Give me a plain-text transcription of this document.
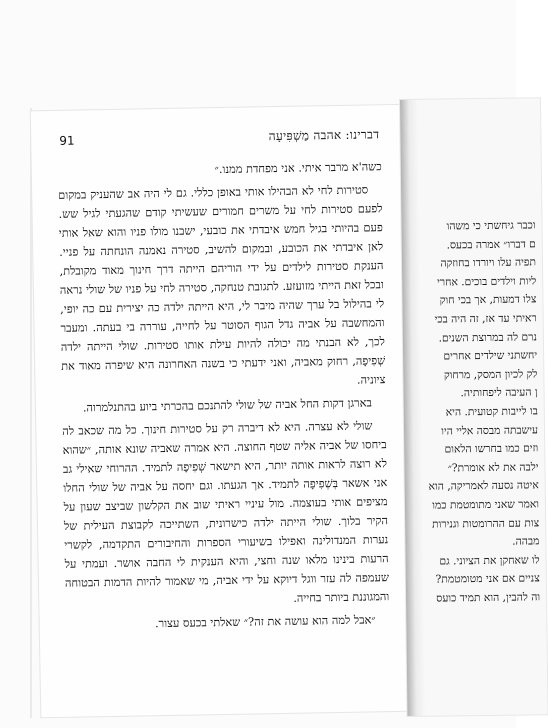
דברינו: אהבה מַשְׁפִּיעָה
91

כשה'א מרבר איתי. אני מפחדת ממנו.״

סטירות לחי לא הבהילו אותי באופן כללי. גם לי היה אב שהעניק במקום לפעם סטירות לחי על משרים חמורים שעשיתי קודם שהגעתי לגיל שש. פעם בהיותי בגיל חמש איבדתי את כובעי, ישבנו מולו פניו והוא שאל אותי לאן איבדתי את הכובע, ובמקום להשיב, סטירה נאמנה הונחתה על פניי. הענקת סטירות לילדים על ידי הוריהם הייתה דרך חינוך מאוד מקובלת, ובכל זאת הייתי מזועזע. לתגובת טנחקה, סטירה לחי על פניו של שולי נראה לי בהילול בל ערך שהיה מיבר לי, היא הייתה ילדה כה יצירית עם כה יופי, והמחשבה על אביה גדל הגוף הסוטר על לחייה, עוררה בי בעתה. ומעבר לכך, לא הבנתי מה יכולה להיות עילת אותו סטירות. שולי הייתה ילדה שְׁפִיפָה, רחוק מאביה, ואני ידעתי כי בשנה האחרונה היא שיפרה מאוד את ציוניה.

בארגן דקות החל אביה של שולי להתנכם בהכרתי ביוע בהתנלמרוה.

שולי לא עצרה. היא לא דיברה רק על סטירות חינוך. כל מה שכאב לה ביחסו של אביה אליה שטף החוצה. היא אמרה שאביה שונא אותה, ״שהוא לא רוצה לראות אותה יותר, היא תישאר שְׁפִיפָה לתמיד. ההרוחי שאילי גב אני אשאר בְּשְׁפִיפָה לתמיד. אך הגעתו. וגם יחסה על אביה של שולי החלו מציפים אותי בעוצמה. מול עיניי ראיתי שוב את הקלשון שביצב שעון על הקיר בלוך. שולי הייתה ילדה כישרונית, השתייכה לקבוצת העילית של נערות המנדולינה ואפילו בשיעורי הספרות והחיבורים התקדמה, לקשרי הרעות בינינו מלאו שנה וחצי, והיא הענקית לי החבה אושר. ועמתי על שעמפה לה עזר ווגל דיוקא על ידי אביה, מי שאמור להיות הדמות הבטוחה והמגוננת ביותר בחייה.

״אבל למה הוא עושה את זה?״ שאלתי בכעס עצור.

וכבר גיחשתי כי משהו
ם דברו״ אמרה בכעס.
תפיה עלו ויורדו בחוזקה
ליות וילדים בוכים. אחרי
צלו דמעות, אך בכי חוק
ראיתי עד אז, זה היה בכי
נרם לה במרוצת השנים.
יחשתני שילדים אחרים
לק לכיון המסק, מרחוק
ן העיבה ליפחותיה.
בו לייבות קטועית. היא
עישבתה מבסה אליי היו
וזים כמו בחרשו הלאום
ילבה את לא אומרת?״
איטה נסעה לאמריקה, הוא
ואמר שאני מתומטמת כמו
צות עם ההרומטות וגנירות
מבהה.
לו שאחקן את הציוני. גם
צניים אם אני מטומטמת?
וה להבין, הוא תמיד כועס
